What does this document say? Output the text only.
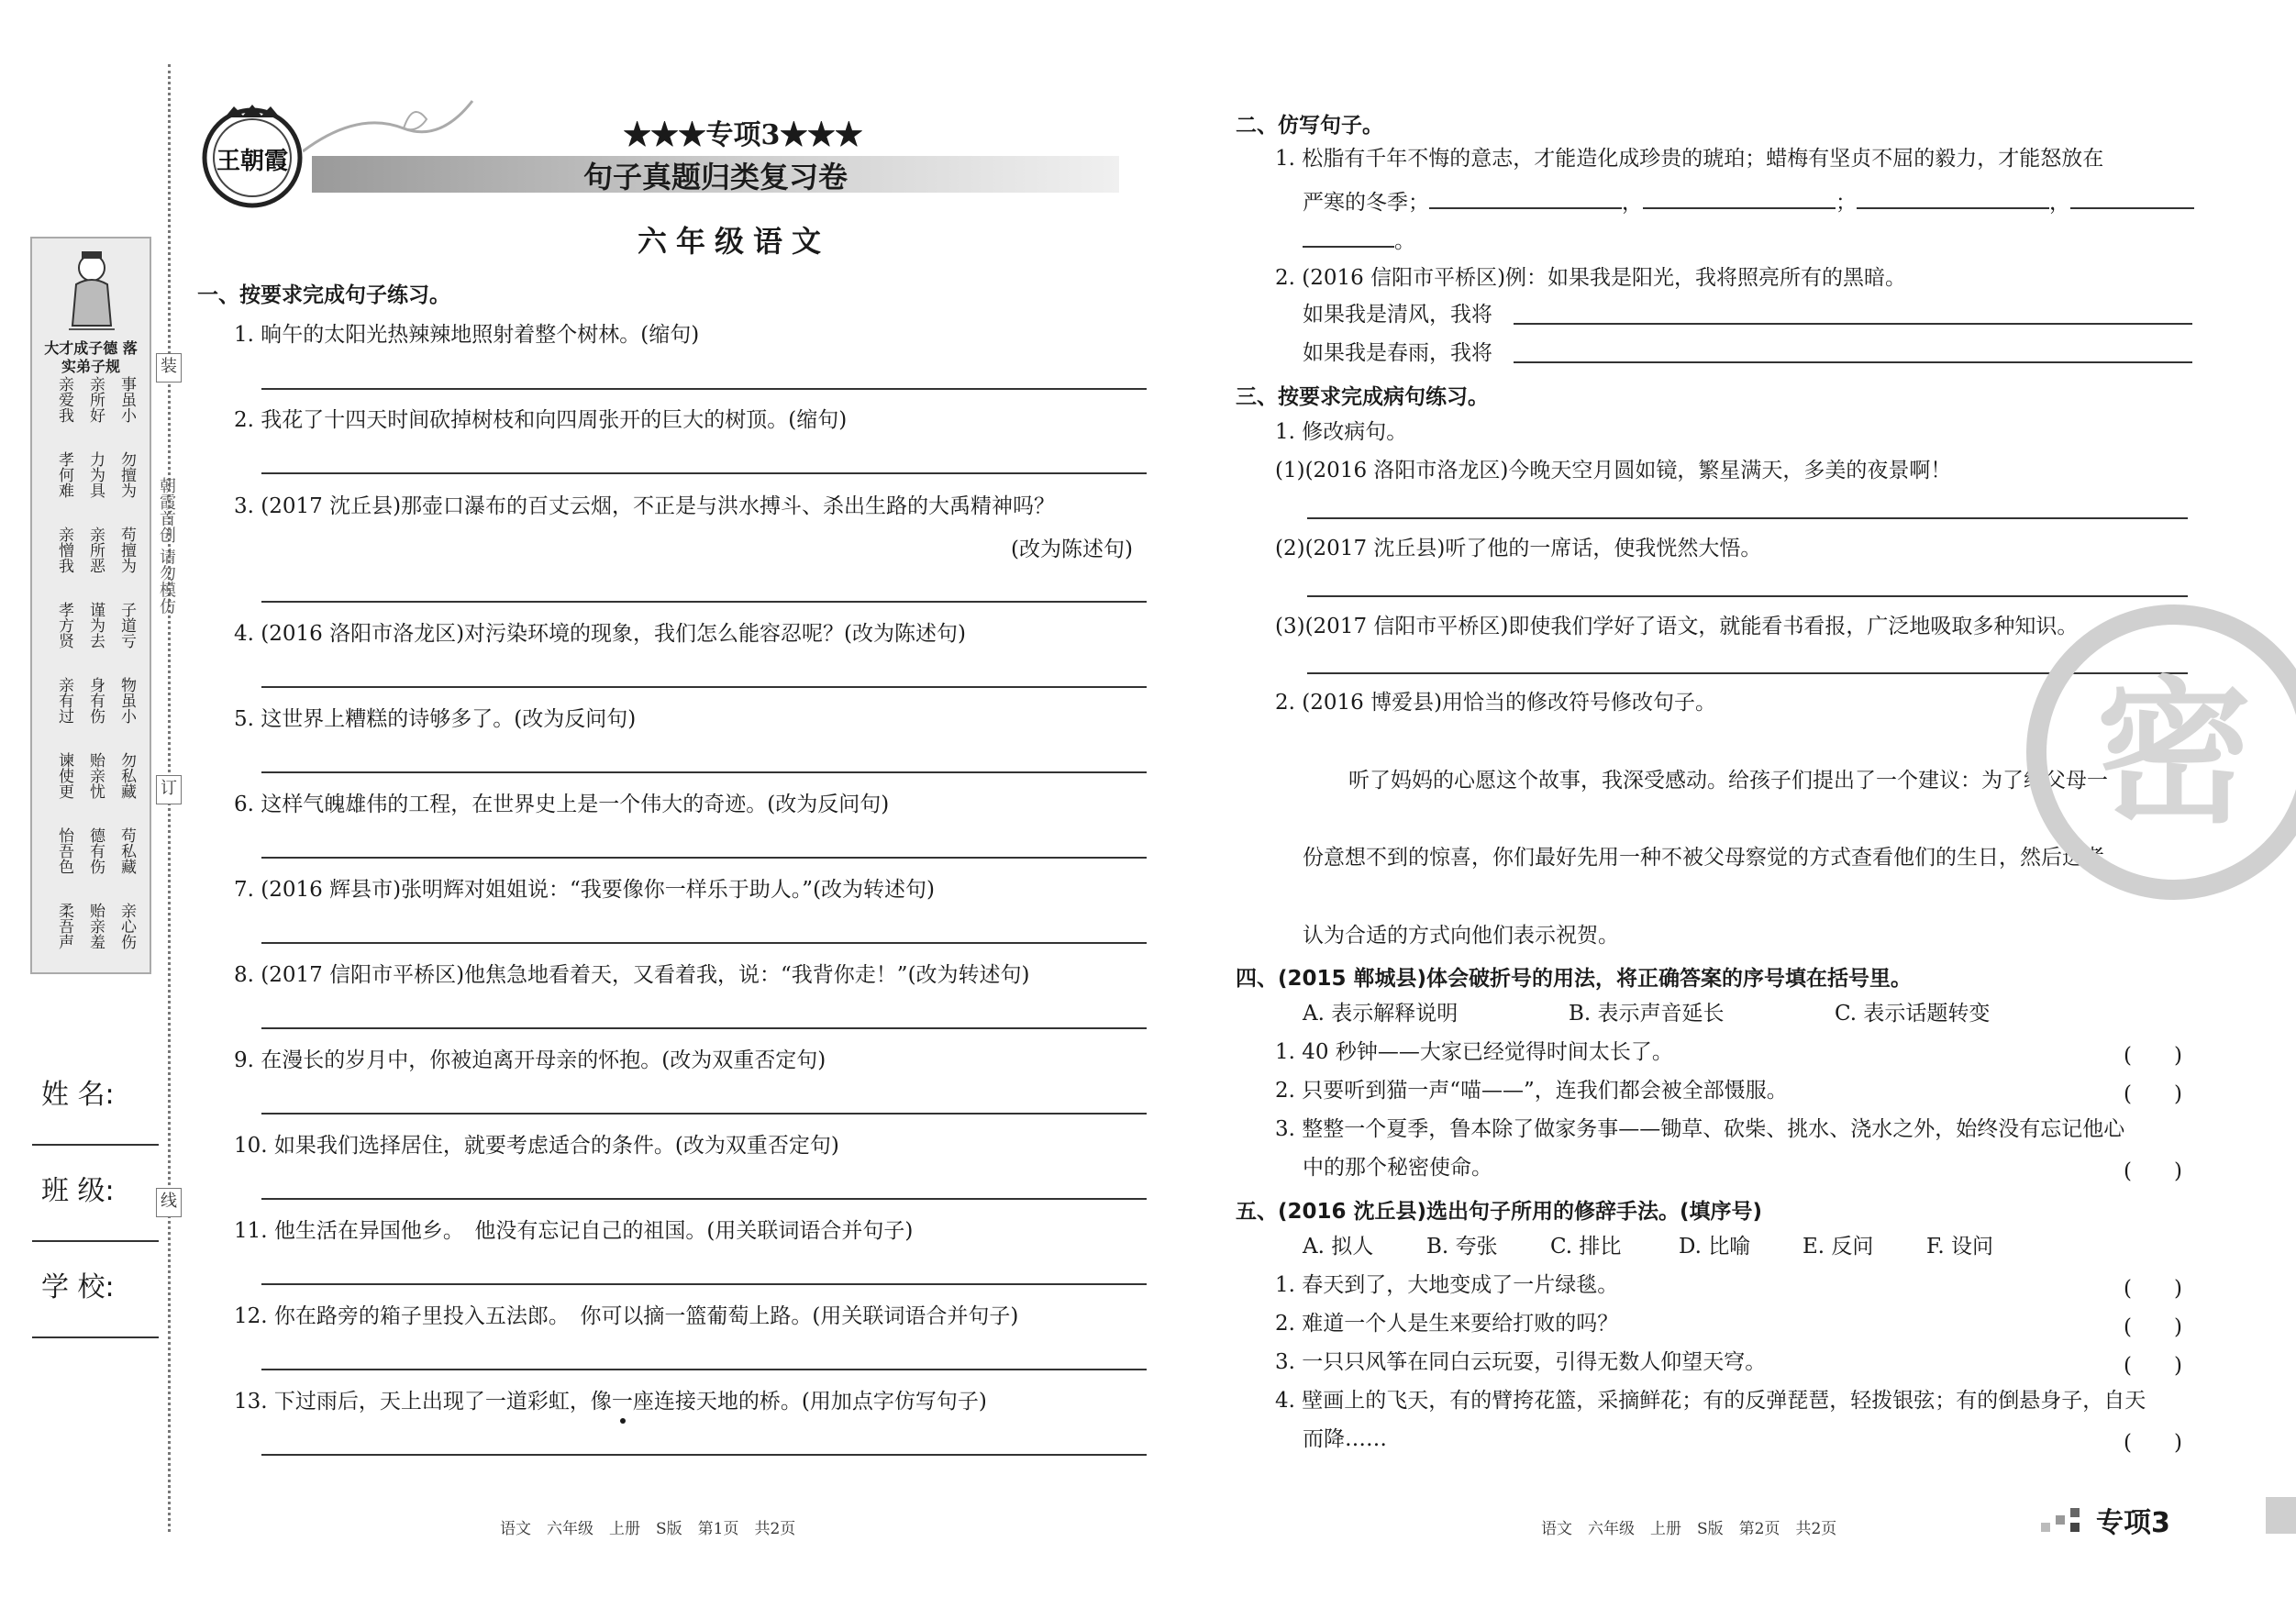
大才成子德 落实弟子规
亲爱我 亲所好 事虽小
孝何难 力为具 勿擅为
亲憎我 亲所恶 苟擅为
孝方贤 谨为去 子道亏
亲有过 身有伤 物虽小
谏使更 贻亲忧 勿私藏
怡吾色 德有伤 苟私藏
柔吾声 贻亲羞 亲心伤
装
订
线
朝霞首创 请勿模仿
姓 名:
班 级:
学 校:
句子真题归类复习卷
王朝霞
★★★专项3★★★
六年级语文
一、按要求完成句子练习。
1. 晌午的太阳光热辣辣地照射着整个树林。(缩句)
2. 我花了十四天时间砍掉树枝和向四周张开的巨大的树顶。(缩句)
3. (2017 沈丘县)那壶口瀑布的百丈云烟，不正是与洪水搏斗、杀出生路的大禹精神吗？
(改为陈述句)
4. (2016 洛阳市洛龙区)对污染环境的现象，我们怎么能容忍呢？(改为陈述句)
5. 这世界上糟糕的诗够多了。(改为反问句)
6. 这样气魄雄伟的工程，在世界史上是一个伟大的奇迹。(改为反问句)
7. (2016 辉县市)张明辉对姐姐说：“我要像你一样乐于助人。”(改为转述句)
8. (2017 信阳市平桥区)他焦急地看着天，又看着我，说：“我背你走！”(改为转述句)
9. 在漫长的岁月中，你被迫离开母亲的怀抱。(改为双重否定句)
10. 如果我们选择居住，就要考虑适合的条件。(改为双重否定句)
11. 他生活在异国他乡。　他没有忘记自己的祖国。(用关联词语合并句子)
12. 你在路旁的箱子里投入五法郎。　你可以摘一篮葡萄上路。(用关联词语合并句子)
13. 下过雨后，天上出现了一道彩虹，像一座连接天地的桥。(用加点字仿写句子)
语文　六年级　上册　S版　第1页　共2页
二、仿写句子。
1. 松脂有千年不悔的意志，才能造化成珍贵的琥珀；蜡梅有坚贞不屈的毅力，才能怒放在
严寒的冬季；	，	；	，
。
2. (2016 信阳市平桥区)例：如果我是阳光，我将照亮所有的黑暗。
如果我是清风，我将
如果我是春雨，我将
三、按要求完成病句练习。
1. 修改病句。
(1)(2016 洛阳市洛龙区)今晚天空月圆如镜，繁星满天，多美的夜景啊！
(2)(2017 沈丘县)听了他的一席话，使我恍然大悟。
(3)(2017 信阳市平桥区)即使我们学好了语文，就能看书看报，广泛地吸取多种知识。
2. (2016 博爱县)用恰当的修改符号修改句子。
听了妈妈的心愿这个故事，我深受感动。给孩子们提出了一个建议：为了给父母一
份意想不到的惊喜，你们最好先用一种不被父母察觉的方式查看他们的生日，然后选者
认为合适的方式向他们表示祝贺。
四、(2015 郸城县)体会破折号的用法，将正确答案的序号填在括号里。
A. 表示解释说明	B. 表示声音延长	C. 表示话题转变
1. 40 秒钟——大家已经觉得时间太长了。	(　　)
2. 只要听到猫一声“喵——”，连我们都会被全部慑服。	(　　)
3. 整整一个夏季，鲁本除了做家务事——锄草、砍柴、挑水、浇水之外，始终没有忘记他心
中的那个秘密使命。	(　　)
五、(2016 沈丘县)选出句子所用的修辞手法。(填序号)
A. 拟人	B. 夸张 C. 排比	D. 比喻 E. 反问	F. 设问
1. 春天到了，大地变成了一片绿毯。	(　　)
2. 难道一个人是生来要给打败的吗？	(　　)
3. 一只只风筝在同白云玩耍，引得无数人仰望天穹。	(　　)
4. 壁画上的飞天，有的臂挎花篮，采摘鲜花；有的反弹琵琶，轻拨银弦；有的倒悬身子，自天
而降……	(　　)
语文　六年级　上册　S版　第2页　共2页
密
专项3
